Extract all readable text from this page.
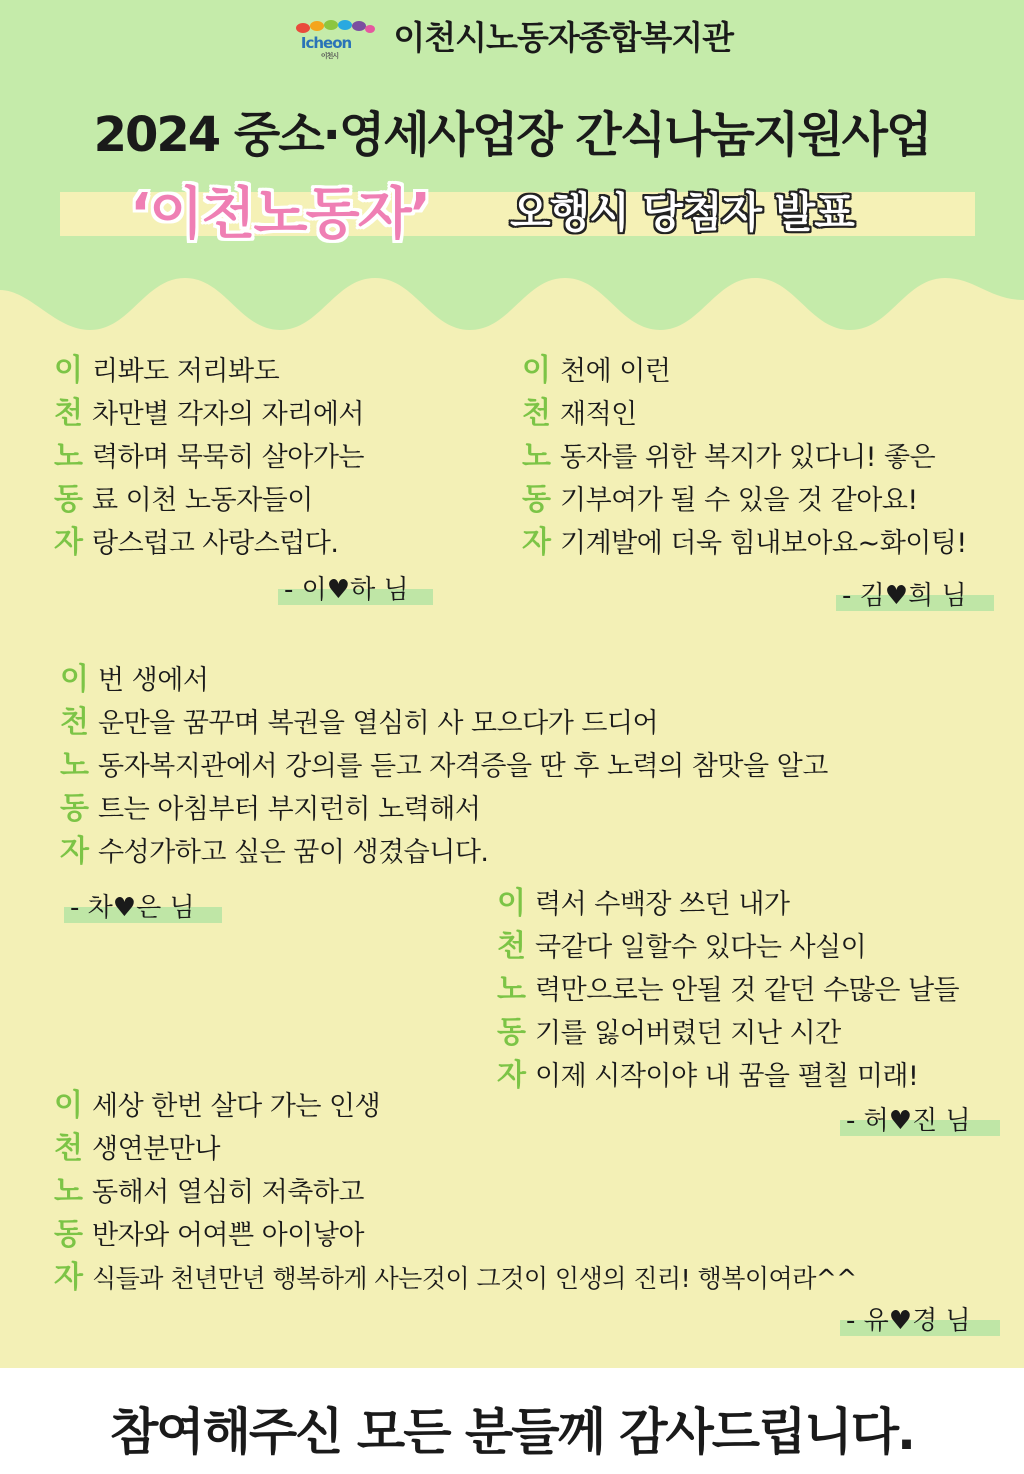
Icheon
이천시 이천시노동자종합복지관
2024 중소·영세사업장 간식나눔지원사업
‘이천노동자’ 오행시 당첨자 발표
이 리봐도 저리봐도
천 차만별 각자의 자리에서
노 력하며 묵묵히 살아가는
동 료 이천 노동자들이
자 랑스럽고 사랑스럽다.
- 이♥하 님
이 천에 이런
천 재적인
노 동자를 위한 복지가 있다니! 좋은
동 기부여가 될 수 있을 것 같아요!
자 기계발에 더욱 힘내보아요~화이팅!
- 김♥희 님
이 번 생에서
천 운만을 꿈꾸며 복권을 열심히 사 모으다가 드디어
노 동자복지관에서 강의를 듣고 자격증을 딴 후 노력의 참맛을 알고
동 트는 아침부터 부지런히 노력해서
자 수성가하고 싶은 꿈이 생겼습니다.
- 차♥은 님	이 력서 수백장 쓰던 내가
천 국같다 일할수 있다는 사실이
노 력만으로는 안될 것 같던 수많은 날들
동 기를 잃어버렸던 지난 시간
자 이제 시작이야 내 꿈을 펼칠 미래!
- 허♥진 님
이 세상 한번 살다 가는 인생
천 생연분만나
노 동해서 열심히 저축하고
동 반자와 어여쁜 아이낳아
자 식들과 천년만년 행복하게 사는것이 그것이 인생의 진리! 행복이여라^^
- 유♥경 님
참여해주신 모든 분들께 감사드립니다.
